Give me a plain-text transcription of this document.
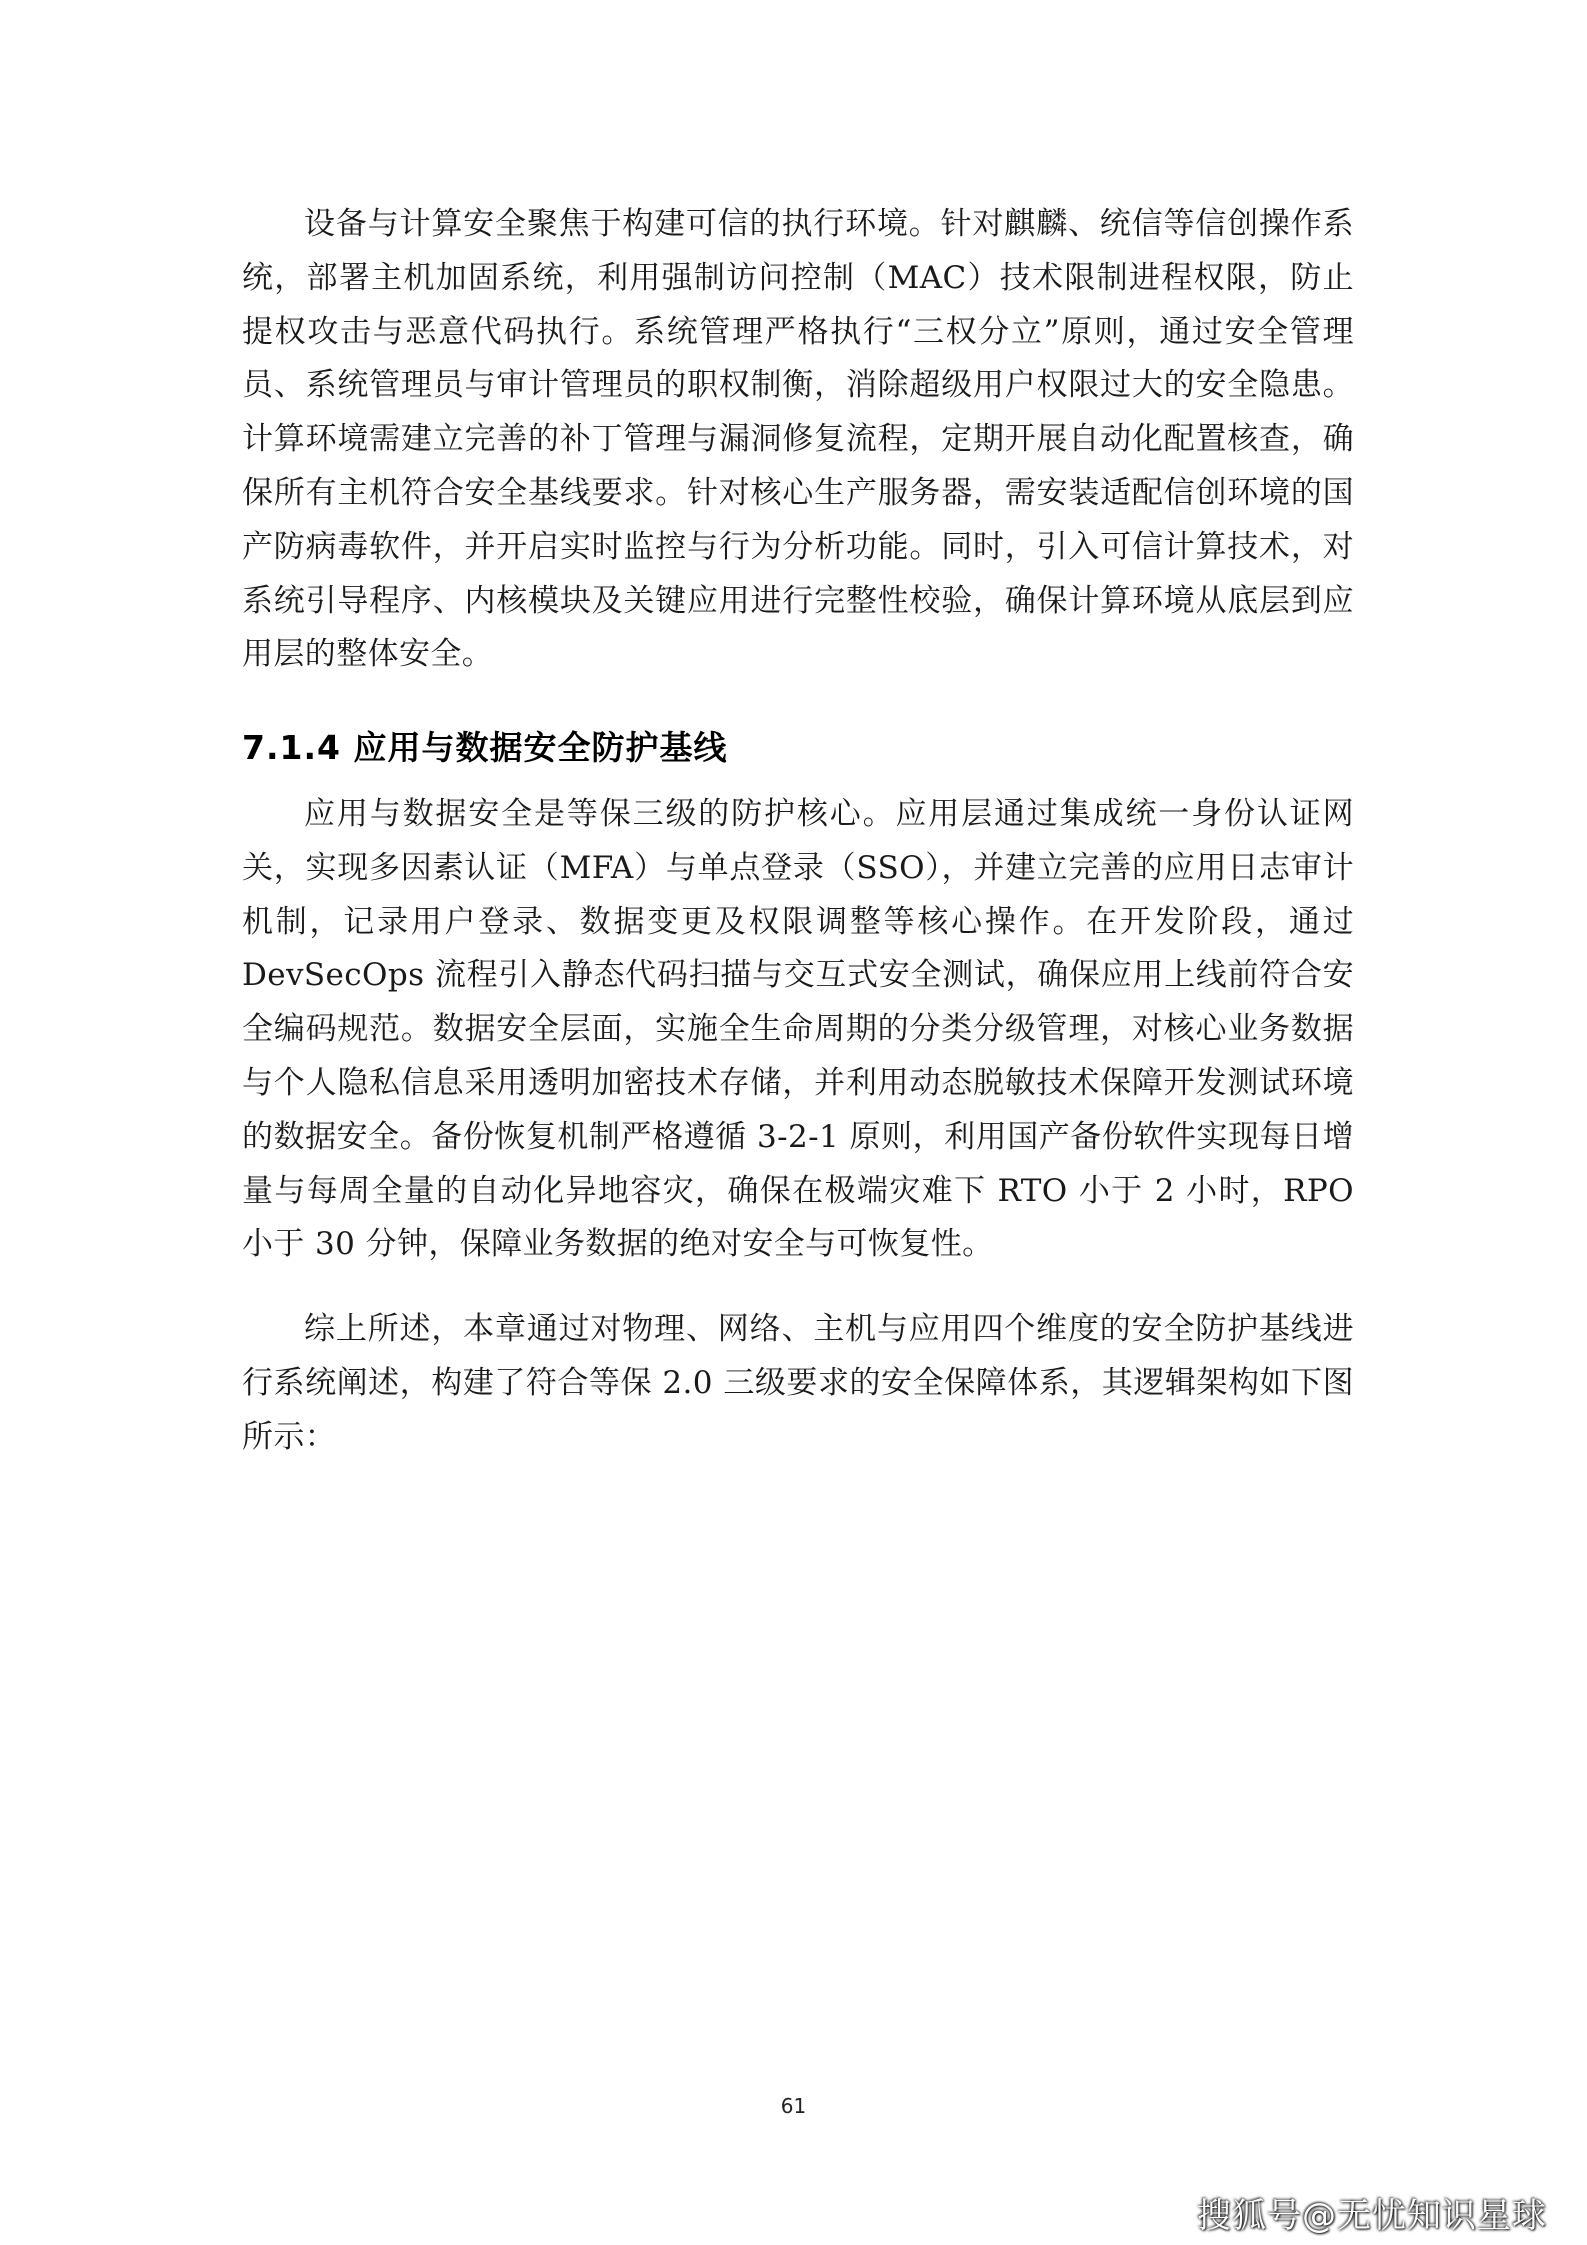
设备与计算安全聚焦于构建可信的执行环境。针对麒麟、统信等信创操作系统，部署主机加固系统，利用强制访问控制（MAC）技术限制进程权限，防止提权攻击与恶意代码执行。系统管理严格执行“三权分立”原则，通过安全管理员、系统管理员与审计管理员的职权制衡，消除超级用户权限过大的安全隐患。计算环境需建立完善的补丁管理与漏洞修复流程，定期开展自动化配置核查，确保所有主机符合安全基线要求。针对核心生产服务器，需安装适配信创环境的国产防病毒软件，并开启实时监控与行为分析功能。同时，引入可信计算技术，对系统引导程序、内核模块及关键应用进行完整性校验，确保计算环境从底层到应用层的整体安全。

7.1.4 应用与数据安全防护基线

应用与数据安全是等保三级的防护核心。应用层通过集成统一身份认证网关，实现多因素认证（MFA）与单点登录（SSO），并建立完善的应用日志审计机制，记录用户登录、数据变更及权限调整等核心操作。在开发阶段，通过 DevSecOps 流程引入静态代码扫描与交互式安全测试，确保应用上线前符合安全编码规范。数据安全层面，实施全生命周期的分类分级管理，对核心业务数据与个人隐私信息采用透明加密技术存储，并利用动态脱敏技术保障开发测试环境的数据安全。备份恢复机制严格遵循 3-2-1 原则，利用国产备份软件实现每日增量与每周全量的自动化异地容灾，确保在极端灾难下 RTO 小于 2 小时，RPO 小于 30 分钟，保障业务数据的绝对安全与可恢复性。

综上所述，本章通过对物理、网络、主机与应用四个维度的安全防护基线进行系统阐述，构建了符合等保 2.0 三级要求的安全保障体系，其逻辑架构如下图所示：

61
搜狐号@无忧知识星球
